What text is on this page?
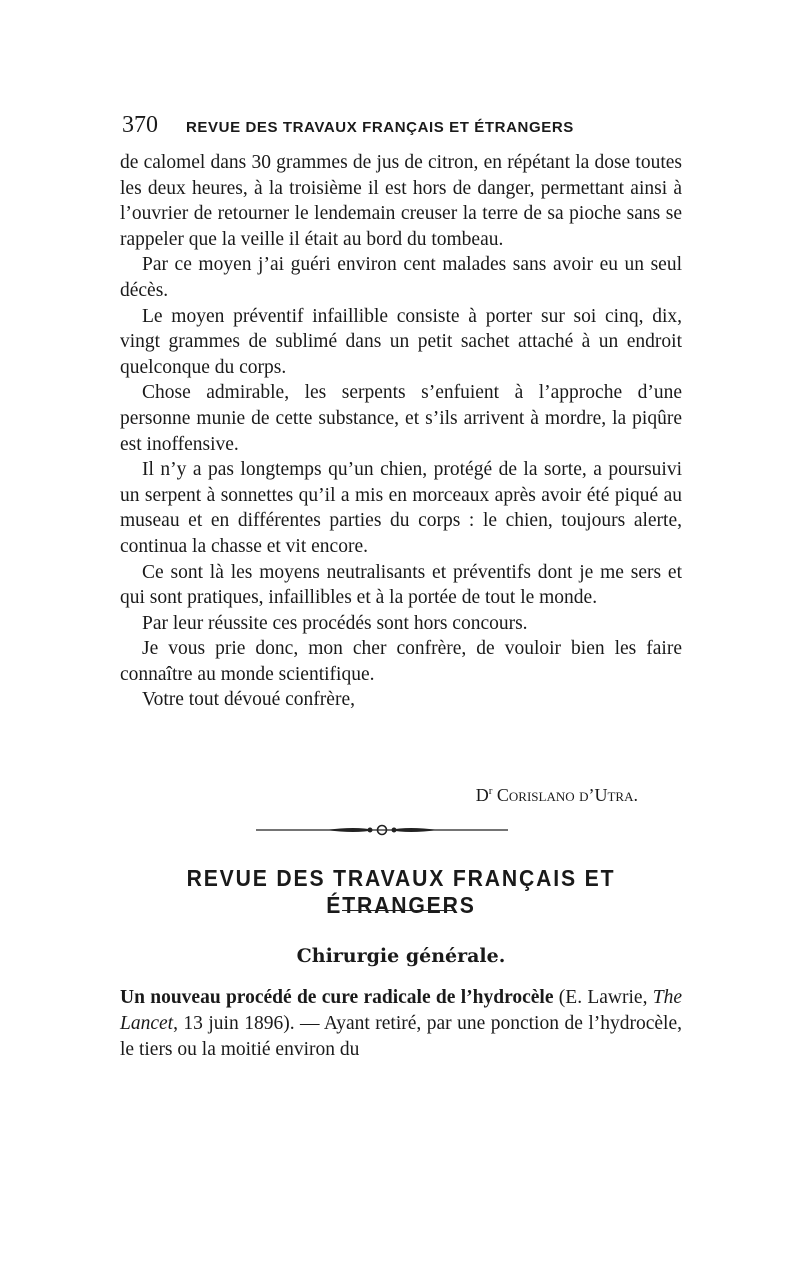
370	REVUE DES TRAVAUX FRANÇAIS ET ÉTRANGERS

de calomel dans 30 grammes de jus de citron, en répétant la dose toutes les deux heures, à la troisième il est hors de danger, permettant ainsi à l’ouvrier de retourner le lendemain creuser la terre de sa pioche sans se rappeler que la veille il était au bord du tombeau.

Par ce moyen j’ai guéri environ cent malades sans avoir eu un seul décès.

Le moyen préventif infaillible consiste à porter sur soi cinq, dix, vingt grammes de sublimé dans un petit sachet attaché à un endroit quelconque du corps.

Chose admirable, les serpents s’enfuient à l’approche d’une personne munie de cette substance, et s’ils arrivent à mordre, la piqûre est inoffensive.

Il n’y a pas longtemps qu’un chien, protégé de la sorte, a poursuivi un serpent à sonnettes qu’il a mis en morceaux après avoir été piqué au museau et en différentes parties du corps : le chien, toujours alerte, continua la chasse et vit encore.

Ce sont là les moyens neutralisants et préventifs dont je me sers et qui sont pratiques, infaillibles et à la portée de tout le monde.

Par leur réussite ces procédés sont hors concours.

Je vous prie donc, mon cher confrère, de vouloir bien les faire connaître au monde scientifique.

Votre tout dévoué confrère,

$D^r$ Corislano d’Utra.
REVUE DES TRAVAUX FRANÇAIS ET ÉTRANGERS
Chirurgie générale.
Un nouveau procédé de cure radicale de l’hydrocèle (E. Lawrie, The Lancet, 13 juin 1896). — Ayant retiré, par une ponction de l’hydrocèle, le tiers ou la moitié environ du
